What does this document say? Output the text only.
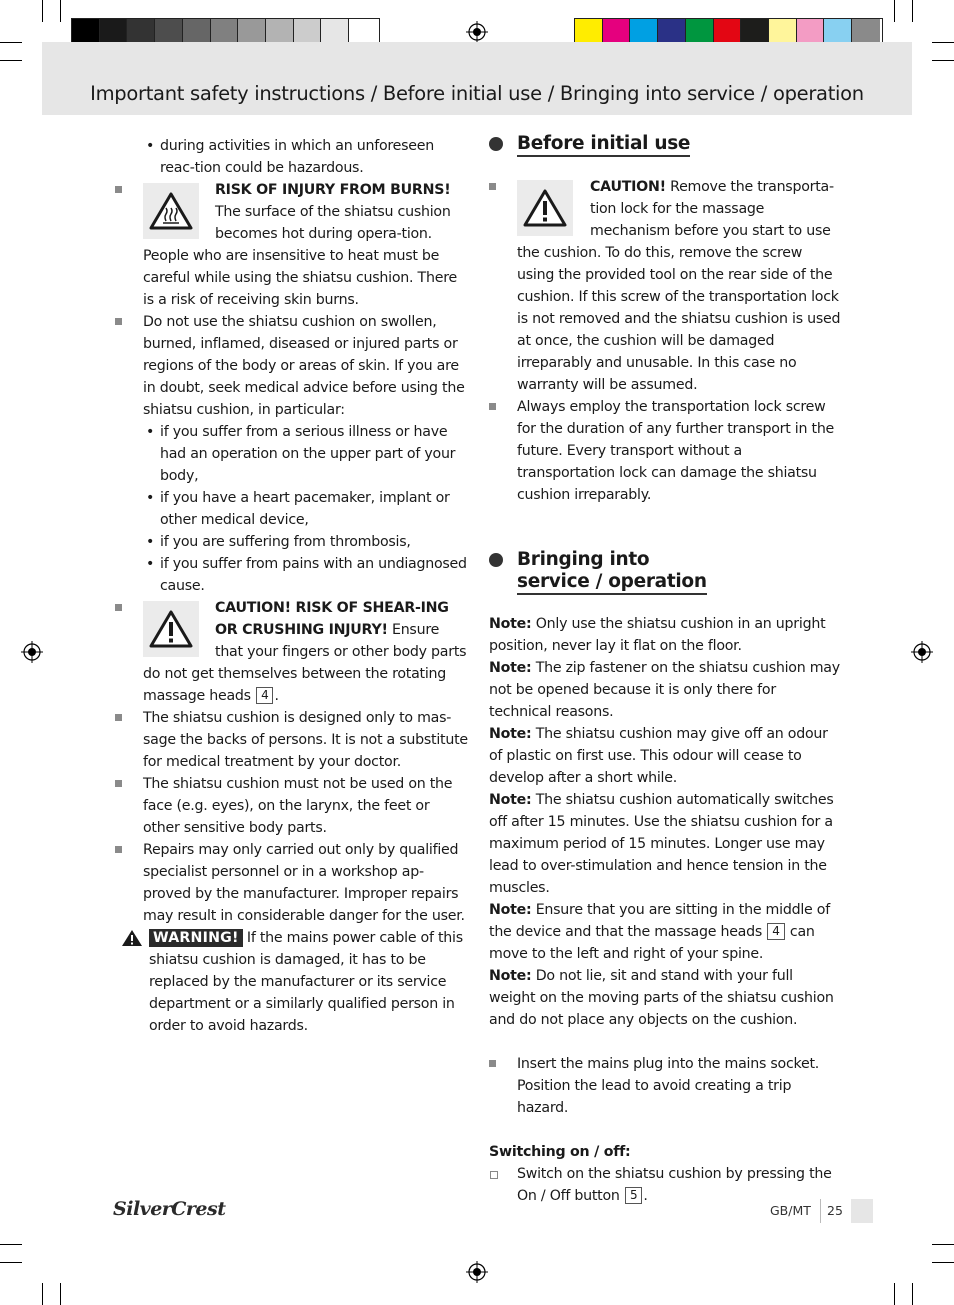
Important safety instructions / Before initial use / Bringing into service / operation

• during activities in which an unforeseen reac-tion could be hazardous.

RISK OF INJURY FROM BURNS! The surface of the shiatsu cushion becomes hot during opera-tion. People who are insensitive to heat must be careful while using the shiatsu cushion. There is a risk of receiving skin burns.

Do not use the shiatsu cushion on swollen, burned, inflamed, diseased or injured parts or regions of the body or areas of skin. If you are in doubt, seek medical advice before using the shiatsu cushion, in particular:

• if you suffer from a serious illness or have had an operation on the upper part of your body,

• if you have a heart pacemaker, implant or other medical device,

• if you are suffering from thrombosis,

• if you suffer from pains with an undiagnosed cause.

CAUTION! RISK OF SHEAR-ING OR CRUSHING INJURY! Ensure that your fingers or other body parts do not get themselves between the rotating massage heads 4 .

The shiatsu cushion is designed only to mas-sage the backs of persons. It is not a substitute for medical treatment by your doctor.

The shiatsu cushion must not be used on the face (e.g. eyes), on the larynx, the feet or other sensitive body parts.

Repairs may only carried out only by qualified specialist personnel or in a workshop ap-proved by the manufacturer. Improper repairs may result in considerable danger for the user.

WARNING! If the mains power cable of this shiatsu cushion is damaged, it has to be replaced by the manufacturer or its service department or a similarly qualified person in order to avoid hazards.

Before initial use

CAUTION! Remove the transporta-tion lock for the massage mechanism before you start to use the cushion. To do this, remove the screw using the provided tool on the rear side of the cushion. If this screw of the transportation lock is not removed and the shiatsu cushion is used at once, the cushion will be damaged irreparably and unusable. In this case no warranty will be assumed.

Always employ the transportation lock screw for the duration of any further transport in the future. Every transport without a transportation lock can damage the shiatsu cushion irreparably.

Bringing into
service / operation

Note: Only use the shiatsu cushion in an upright position, never lay it flat on the floor.

Note: The zip fastener on the shiatsu cushion may not be opened because it is only there for technical reasons.

Note: The shiatsu cushion may give off an odour of plastic on first use. This odour will cease to develop after a short while.

Note: The shiatsu cushion automatically switches off after 15 minutes. Use the shiatsu cushion for a maximum period of 15 minutes. Longer use may lead to over-stimulation and hence tension in the muscles.

Note: Ensure that you are sitting in the middle of the device and that the massage heads 4 can move to the left and right of your spine.

Note: Do not lie, sit and stand with your full weight on the moving parts of the shiatsu cushion and do not place any objects on the cushion.

Insert the mains plug into the mains socket. Position the lead to avoid creating a trip hazard.

Switching on / off:

Switch on the shiatsu cushion by pressing the On / Off button 5 .

SilverCrest	GB/MT 25
